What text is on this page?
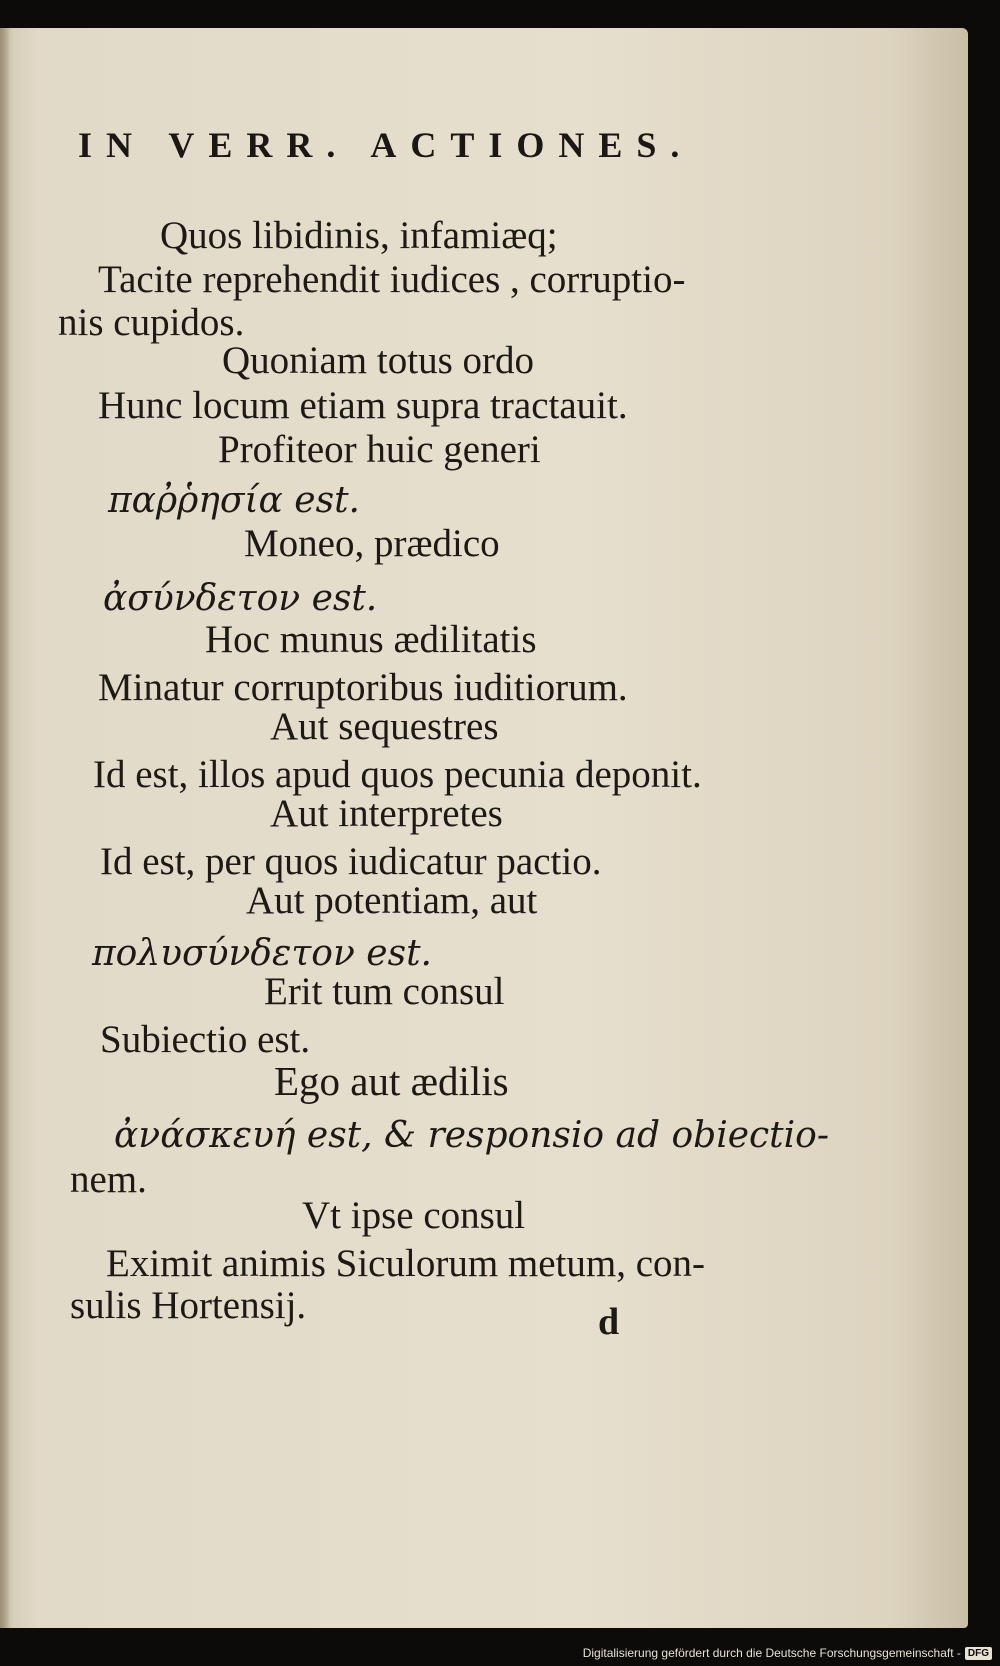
IN VERR. ACTIONES.
Quos libidinis, infamiæq;
Tacite reprehendit iudices , corruptio-
nis cupidos.
Quoniam totus ordo
Hunc locum etiam supra tractauit.
Profiteor huic generi
παῤῥησία est.
Moneo, prædico
ἀσύνδετον est.
Hoc munus ædilitatis
Minatur corruptoribus iuditiorum.
Aut sequestres
Id est, illos apud quos pecunia deponit.
Aut interpretes
Id est, per quos iudicatur pactio.
Aut potentiam, aut
πολυσύνδετον est.
Erit tum consul
Subiectio est.
Ego aut ædilis
ἀνάσκευή est, & responsio ad obiectio-
nem.
Vt ipse consul
Eximit animis Siculorum metum, con-
sulis Hortensij.	d
Digitalisierung gefördert durch die Deutsche Forschungsgemeinschaft - DFG
